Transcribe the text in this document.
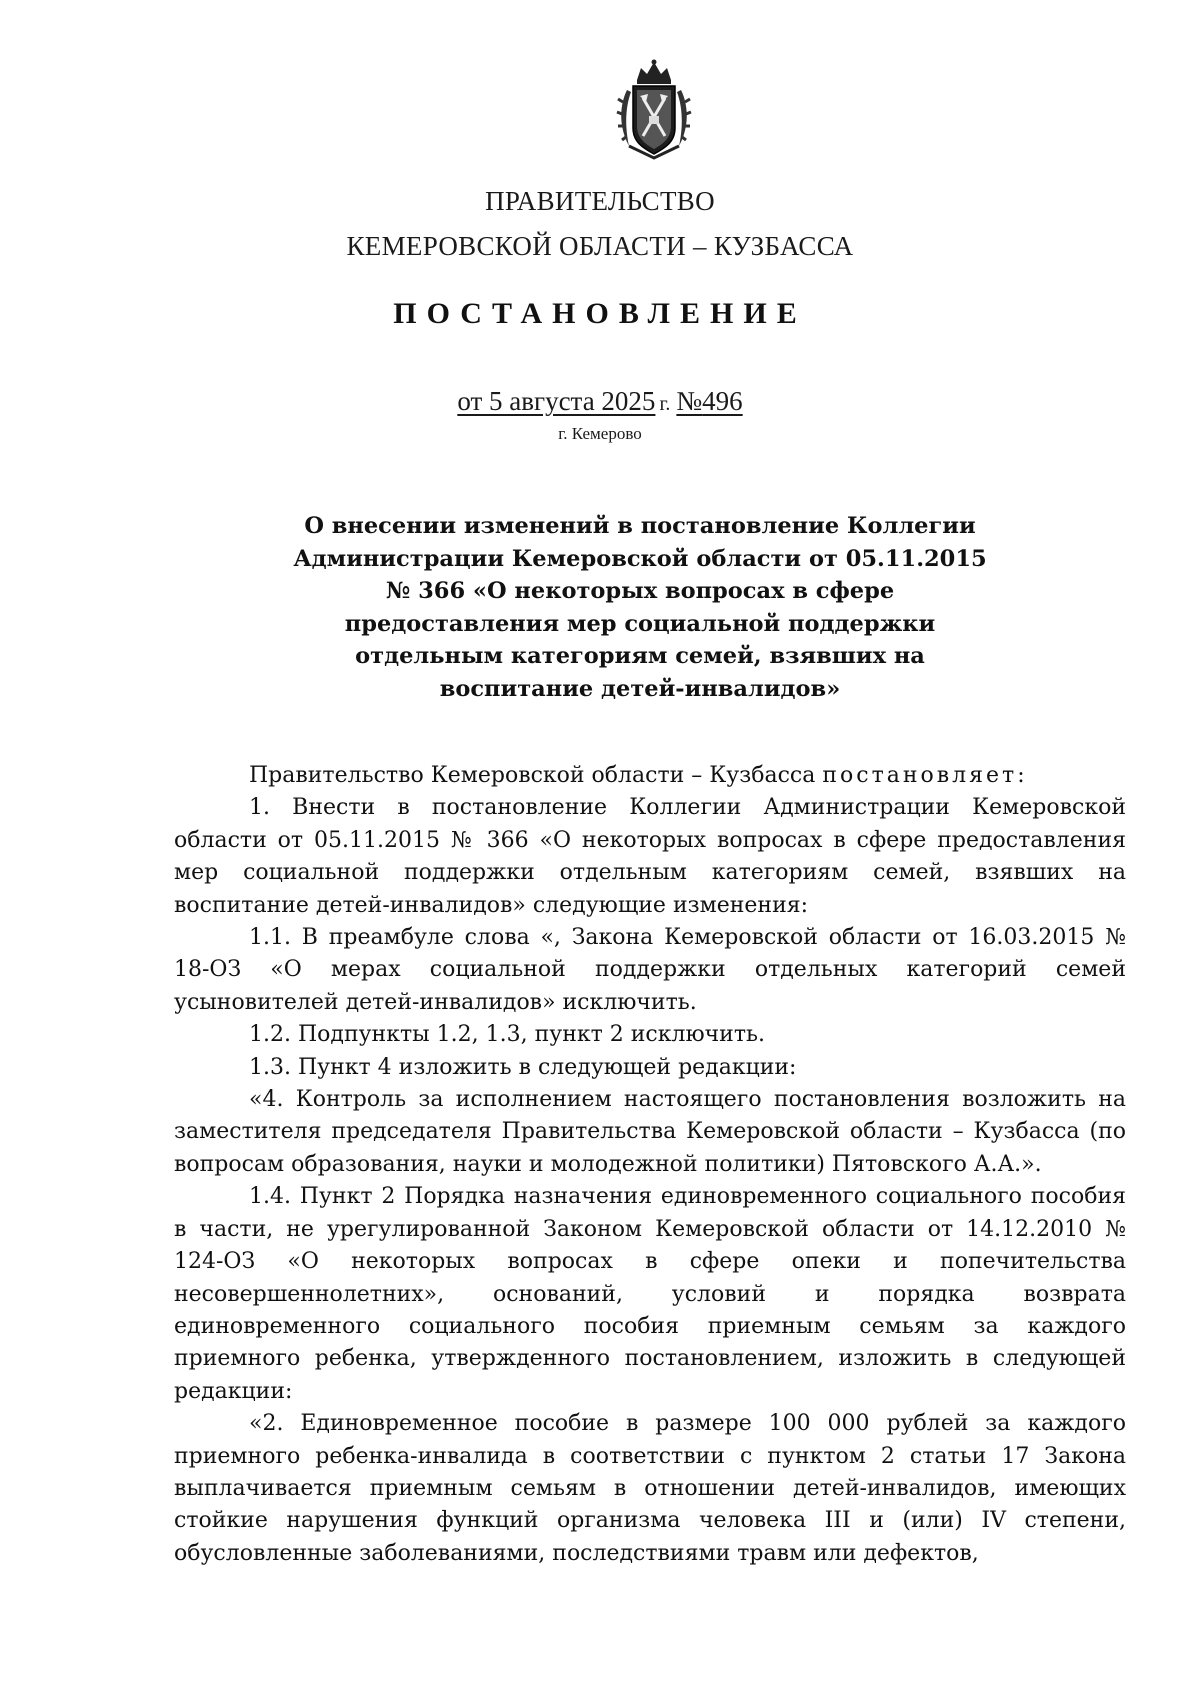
ПРАВИТЕЛЬСТВО
КЕМЕРОВСКОЙ ОБЛАСТИ – КУЗБАССА
ПОСТАНОВЛЕНИЕ
от 5 августа 2025 г. №496
г. Кемерово
О внесении изменений в постановление Коллегии
Администрации Кемеровской области от 05.11.2015
№ 366 «О некоторых вопросах в сфере
предоставления мер социальной поддержки
отдельным категориям семей, взявших на
воспитание детей-инвалидов»

Правительство Кемеровской области – Кузбасса постановляет:

1. Внести в постановление Коллегии Администрации Кемеровской области от 05.11.2015 № 366 «О некоторых вопросах в сфере предоставления мер социальной поддержки отдельным категориям семей, взявших на воспитание детей-инвалидов» следующие изменения:

1.1. В преамбуле слова «, Закона Кемеровской области от 16.03.2015 № 18-ОЗ «О мерах социальной поддержки отдельных категорий семей усыновителей детей-инвалидов» исключить.

1.2. Подпункты 1.2, 1.3, пункт 2 исключить.

1.3. Пункт 4 изложить в следующей редакции:

«4. Контроль за исполнением настоящего постановления возложить на заместителя председателя Правительства Кемеровской области – Кузбасса (по вопросам образования, науки и молодежной политики) Пятовского А.А.».

1.4. Пункт 2 Порядка назначения единовременного социального пособия в части, не урегулированной Законом Кемеровской области от 14.12.2010 № 124-ОЗ «О некоторых вопросах в сфере опеки и попечительства несовершеннолетних», оснований, условий и порядка возврата единовременного социального пособия приемным семьям за каждого приемного ребенка, утвержденного постановлением, изложить в следующей редакции:

«2. Единовременное пособие в размере 100 000 рублей за каждого приемного ребенка-инвалида в соответствии с пунктом 2 статьи 17 Закона выплачивается приемным семьям в отношении детей-инвалидов, имеющих стойкие нарушения функций организма человека III и (или) IV степени, обусловленные заболеваниями, последствиями травм или дефектов,
